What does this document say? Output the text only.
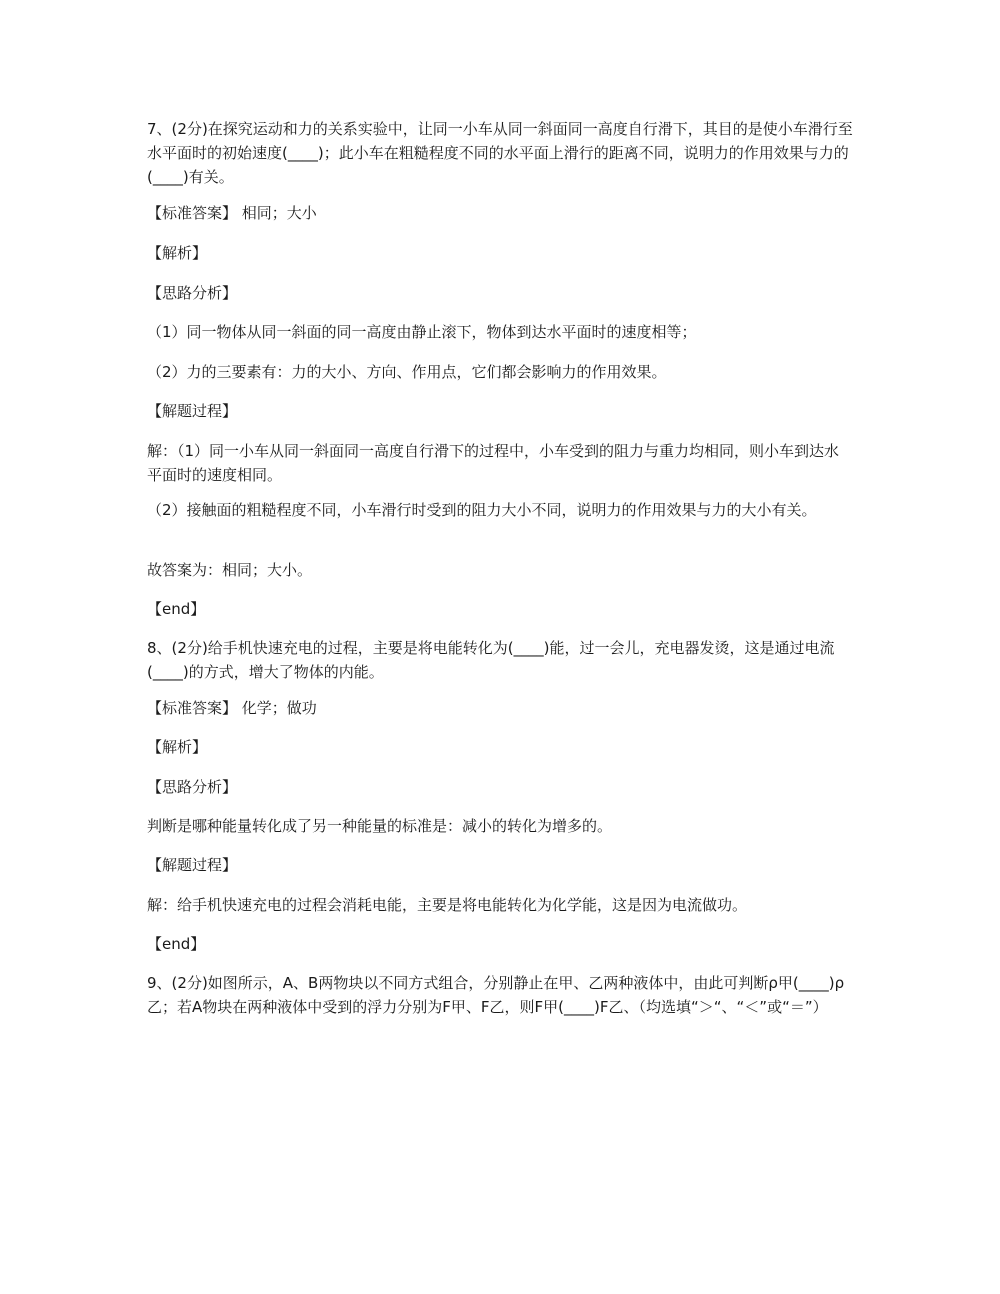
7、(2分)在探究运动和力的关系实验中，让同一小车从同一斜面同一高度自行滑下，其目的是使小车滑行至水平面时的初始速度(____)；此小车在粗糙程度不同的水平面上滑行的距离不同，说明力的作用效果与力的(____)有关。

【标准答案】 相同；大小

【解析】

【思路分析】

（1）同一物体从同一斜面的同一高度由静止滚下，物体到达水平面时的速度相等；

（2）力的三要素有：力的大小、方向、作用点，它们都会影响力的作用效果。

【解题过程】

解：（1）同一小车从同一斜面同一高度自行滑下的过程中，小车受到的阻力与重力均相同，则小车到达水平面时的速度相同。

（2）接触面的粗糙程度不同，小车滑行时受到的阻力大小不同，说明力的作用效果与力的大小有关。

故答案为：相同；大小。

【end】

8、(2分)给手机快速充电的过程，主要是将电能转化为(____)能，过一会儿，充电器发烫，这是通过电流(____)的方式，增大了物体的内能。

【标准答案】 化学；做功

【解析】

【思路分析】

判断是哪种能量转化成了另一种能量的标准是：减小的转化为增多的。

【解题过程】

解：给手机快速充电的过程会消耗电能，主要是将电能转化为化学能，这是因为电流做功。

【end】

9、(2分)如图所示，A、B两物块以不同方式组合，分别静止在甲、乙两种液体中，由此可判断ρ甲(____)ρ乙；若A物块在两种液体中受到的浮力分别为F甲、F乙，则F甲(____)F乙、（均选填“＞“、“＜”或“＝”）
